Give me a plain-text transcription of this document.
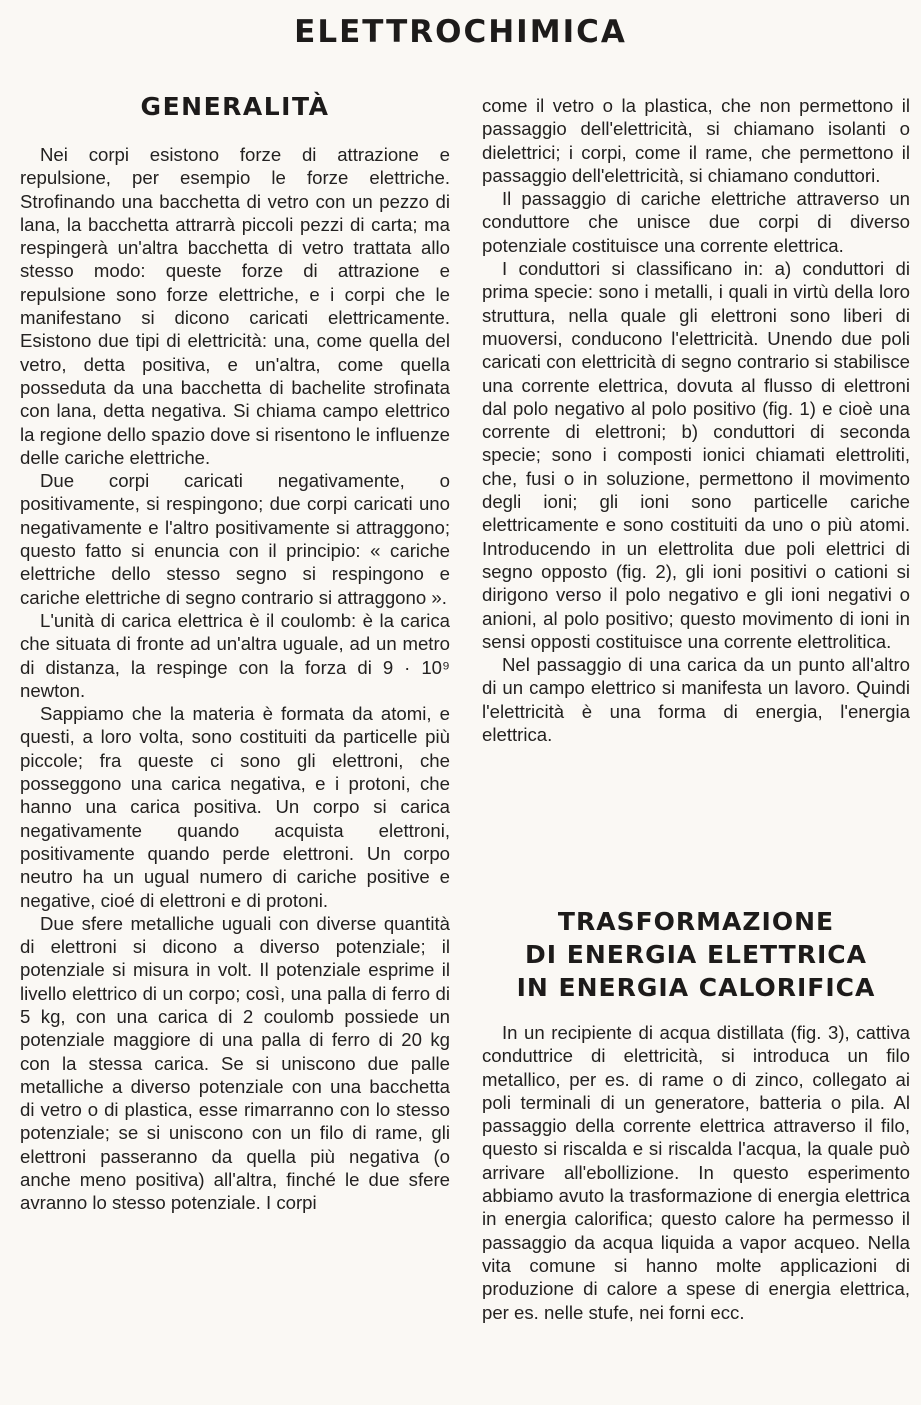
ELETTROCHIMICA
GENERALITÀ

Nei corpi esistono forze di attrazione e repulsione, per esempio le forze elettriche. Strofinando una bacchetta di vetro con un pezzo di lana, la bacchetta attrarrà piccoli pezzi di carta; ma respingerà un'altra bacchetta di vetro trattata allo stesso modo: queste forze di attrazione e repulsione sono forze elettriche, e i corpi che le manifestano si dicono caricati elettricamente. Esistono due tipi di elettricità: una, come quella del vetro, detta positiva, e un'altra, come quella posseduta da una bacchetta di bachelite strofinata con lana, detta negativa. Si chiama campo elettrico la regione dello spazio dove si risentono le influenze delle cariche elettriche.

Due corpi caricati negativamente, o positivamente, si respingono; due corpi caricati uno negativamente e l'altro positivamente si attraggono; questo fatto si enuncia con il principio: « cariche elettriche dello stesso segno si respingono e cariche elettriche di segno contrario si attraggono ».

L'unità di carica elettrica è il coulomb: è la carica che situata di fronte ad un'altra uguale, ad un metro di distanza, la respinge con la forza di 9 · 10⁹ newton.

Sappiamo che la materia è formata da atomi, e questi, a loro volta, sono costituiti da particelle più piccole; fra queste ci sono gli elettroni, che posseggono una carica negativa, e i protoni, che hanno una carica positiva. Un corpo si carica negativamente quando acquista elettroni, positivamente quando perde elettroni. Un corpo neutro ha un ugual numero di cariche positive e negative, cioé di elettroni e di protoni.

Due sfere metalliche uguali con diverse quantità di elettroni si dicono a diverso potenziale; il potenziale si misura in volt. Il potenziale esprime il livello elettrico di un corpo; così, una palla di ferro di 5 kg, con una carica di 2 coulomb possiede un potenziale maggiore di una palla di ferro di 20 kg con la stessa carica. Se si uniscono due palle metalliche a diverso potenziale con una bacchetta di vetro o di plastica, esse rimarranno con lo stesso potenziale; se si uniscono con un filo di rame, gli elettroni passeranno da quella più negativa (o anche meno positiva) all'altra, finché le due sfere avranno lo stesso potenziale. I corpi

come il vetro o la plastica, che non permettono il passaggio dell'elettricità, si chiamano isolanti o dielettrici; i corpi, come il rame, che permettono il passaggio dell'elettricità, si chiamano conduttori.

Il passaggio di cariche elettriche attraverso un conduttore che unisce due corpi di diverso potenziale costituisce una corrente elettrica.

I conduttori si classificano in: a) conduttori di prima specie: sono i metalli, i quali in virtù della loro struttura, nella quale gli elettroni sono liberi di muoversi, conducono l'elettricità. Unendo due poli caricati con elettricità di segno contrario si stabilisce una corrente elettrica, dovuta al flusso di elettroni dal polo negativo al polo positivo (fig. 1) e cioè una corrente di elettroni; b) conduttori di seconda specie; sono i composti ionici chiamati elettroliti, che, fusi o in soluzione, permettono il movimento degli ioni; gli ioni sono particelle cariche elettricamente e sono costituiti da uno o più atomi. Introducendo in un elettrolita due poli elettrici di segno opposto (fig. 2), gli ioni positivi o cationi si dirigono verso il polo negativo e gli ioni negativi o anioni, al polo positivo; questo movimento di ioni in sensi opposti costituisce una corrente elettrolitica.

Nel passaggio di una carica da un punto all'altro di un campo elettrico si manifesta un lavoro. Quindi l'elettricità è una forma di energia, l'energia elettrica.

TRASFORMAZIONE
DI ENERGIA ELETTRICA
IN ENERGIA CALORIFICA

In un recipiente di acqua distillata (fig. 3), cattiva conduttrice di elettricità, si introduca un filo metallico, per es. di rame o di zinco, collegato ai poli terminali di un generatore, batteria o pila. Al passaggio della corrente elettrica attraverso il filo, questo si riscalda e si riscalda l'acqua, la quale può arrivare all'ebollizione. In questo esperimento abbiamo avuto la trasformazione di energia elettrica in energia calorifica; questo calore ha permesso il passaggio da acqua liquida a vapor acqueo. Nella vita comune si hanno molte applicazioni di produzione di calore a spese di energia elettrica, per es. nelle stufe, nei forni ecc.
